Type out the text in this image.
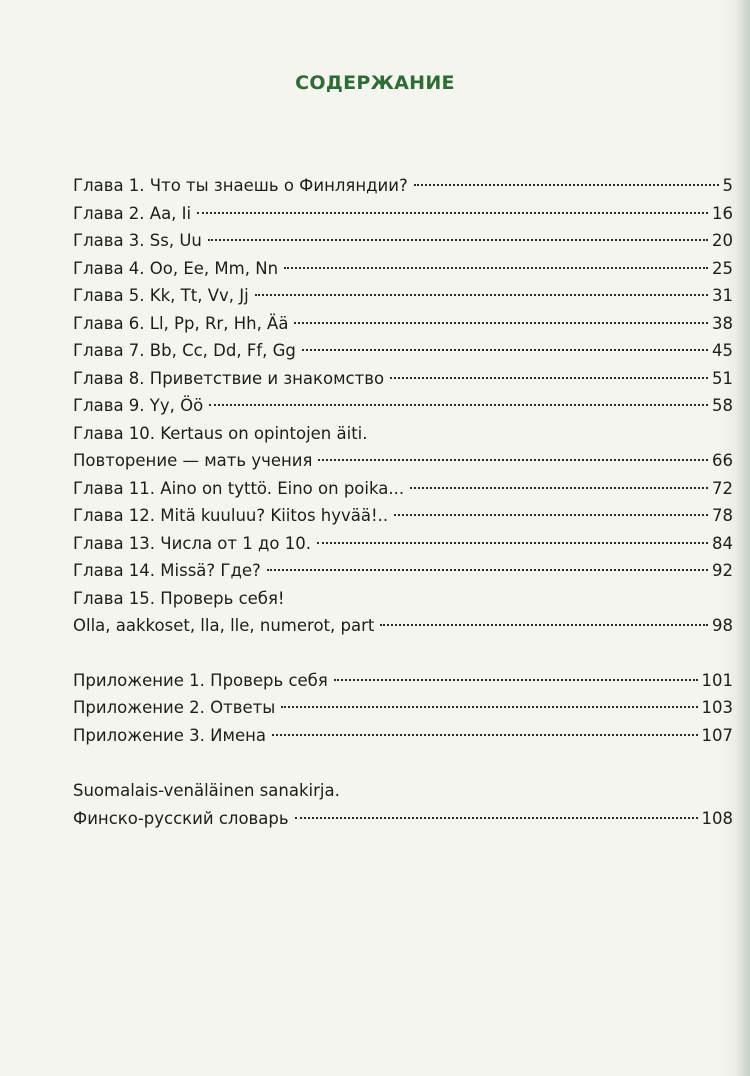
СОДЕРЖАНИЕ
Глава 1. Что ты знаешь о Финляндии?	5
Глава 2. Aa, Ii	16
Глава 3. Ss, Uu	20
Глава 4. Oo, Ee, Mm, Nn	25
Глава 5. Kk, Tt, Vv, Jj	31
Глава 6. Ll, Pp, Rr, Hh, Ää	38
Глава 7. Bb, Cc, Dd, Ff, Gg	45
Глава 8. Приветствие и знакомство	51
Глава 9. Yy, Öö	58
Глава 10. Kertaus on opintojen äiti.
Повторение — мать учения	66
Глава 11. Aino on tyttö. Eino on poika...	72
Глава 12. Mitä kuuluu? Kiitos hyvää!..	78
Глава 13. Числа от 1 до 10.	84
Глава 14. Missä? Где?	92
Глава 15. Проверь себя!
Olla, aakkoset, lla, lle, numerot, part	98
Приложение 1. Проверь себя	101
Приложение 2. Ответы	103
Приложение 3. Имена	107
Suomalais-venäläinen sanakirja.
Финско-русский словарь	108
